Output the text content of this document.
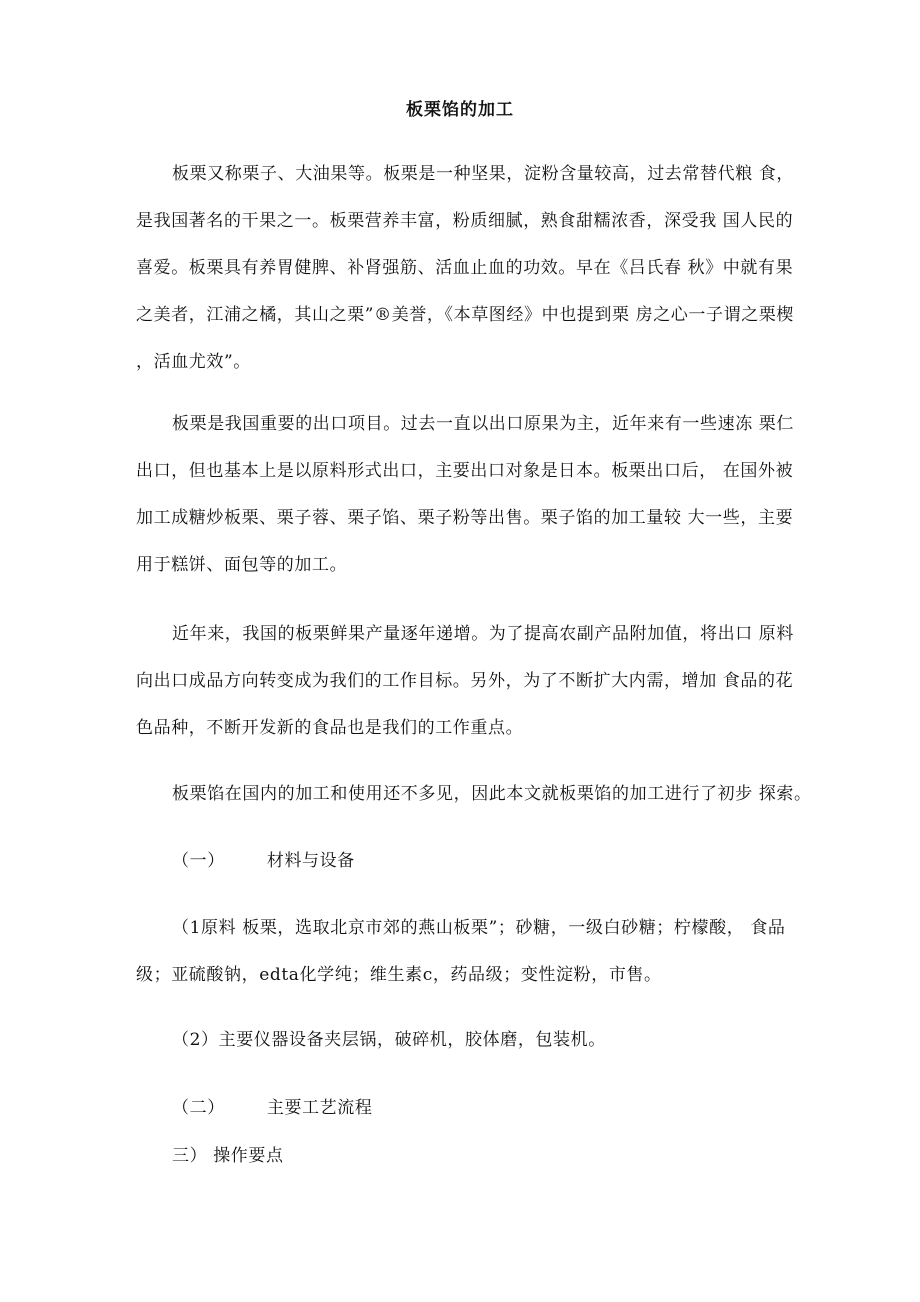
板栗馅的加工

板栗又称栗子、大油果等。板栗是一种坚果，淀粉含量较高，过去常替代粮 食，
是我国著名的干果之一。板栗营养丰富，粉质细腻，熟食甜糯浓香，深受我 国人民的
喜爱。板栗具有养胃健脾、补肾强筋、活血止血的功效。早在《吕氏春 秋》中就有果
之美者，江浦之橘，其山之栗”®美誉，《本草图经》中也提到栗 房之心一子谓之栗楔
，活血尤效”。

板栗是我国重要的出口项目。过去一直以出口原果为主，近年来有一些速冻 栗仁
出口，但也基本上是以原料形式出口，主要出口对象是日本。板栗出口后， 在国外被
加工成糖炒板栗、栗子蓉、栗子馅、栗子粉等出售。栗子馅的加工量较 大一些，主要
用于糕饼、面包等的加工。

近年来，我国的板栗鲜果产量逐年递增。为了提高农副产品附加值，将出口 原料
向出口成品方向转变成为我们的工作目标。另外，为了不断扩大内需，增加 食品的花
色品种，不断开发新的食品也是我们的工作重点。

板栗馅在国内的加工和使用还不多见，因此本文就板栗馅的加工进行了初步 探索。

（一） 材料与设备

（1原料 板栗，选取北京市郊的燕山板栗”；砂糖，一级白砂糖；柠檬酸， 食品
级；亚硫酸钠，edta化学纯；维生素c，药品级；变性淀粉，市售。

（2）主要仪器设备夹层锅，破碎机，胶体磨，包装机。
（二） 主要工艺流程
三） 操作要点
